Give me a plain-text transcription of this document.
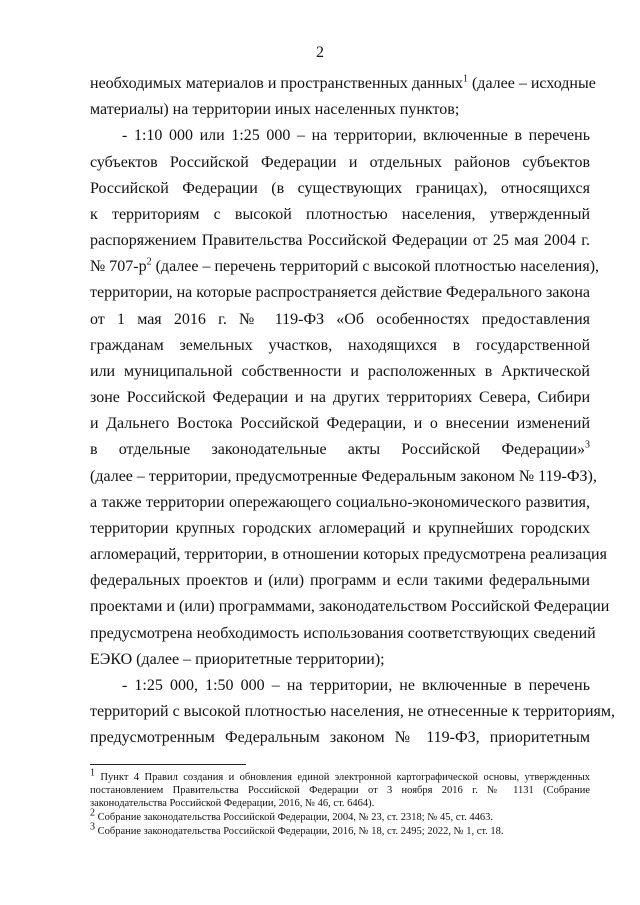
2
необходимых материалов и пространственных данных$^1$ (далее – исходные
материалы) на территории иных населенных пунктов;
- 1:10 000 или 1:25 000 – на территории, включенные в перечень
субъектов Российской Федерации и отдельных районов субъектов
Российской Федерации (в существующих границах), относящихся
к территориям с высокой плотностью населения, утвержденный
распоряжением Правительства Российской Федерации от 25 мая 2004 г.
№ $707-р^2$ (далее – перечень территорий с высокой плотностью населения),
территории, на которые распространяется действие Федерального закона
от 1 мая 2016 г. № 119-ФЗ «Об особенностях предоставления
гражданам земельных участков, находящихся в государственной
или муниципальной собственности и расположенных в Арктической
зоне Российской Федерации и на других территориях Севера, Сибири
и Дальнего Востока Российской Федерации, и о внесении изменений
в отдельные законодательные акты Российской Федерации»$^3$
(далее – территории, предусмотренные Федеральным законом № 119-ФЗ),
а также территории опережающего социально-экономического развития,
территории крупных городских агломераций и крупнейших городских
агломераций, территории, в отношении которых предусмотрена реализация
федеральных проектов и (или) программ и если такими федеральными
проектами и (или) программами, законодательством Российской Федерации
предусмотрена необходимость использования соответствующих сведений
ЕЭКО (далее – приоритетные территории);
- 1:25 000, 1:50 000 – на территории, не включенные в перечень
территорий с высокой плотностью населения, не отнесенные к территориям,
предусмотренным Федеральным законом № 119-ФЗ, приоритетным
$^1$ Пункт 4 Правил создания и обновления единой электронной картографической основы, утвержденных
постановлением Правительства Российской Федерации от 3 ноября 2016 г. № 1131 (Собрание
законодательства Российской Федерации, 2016, № 46, ст. 6464).
$^2$ Собрание законодательства Российской Федерации, 2004, № 23, ст. 2318; № 45, ст. 4463.
$^3$ Собрание законодательства Российской Федерации, 2016, № 18, ст. 2495; 2022, № 1, ст. 18.
